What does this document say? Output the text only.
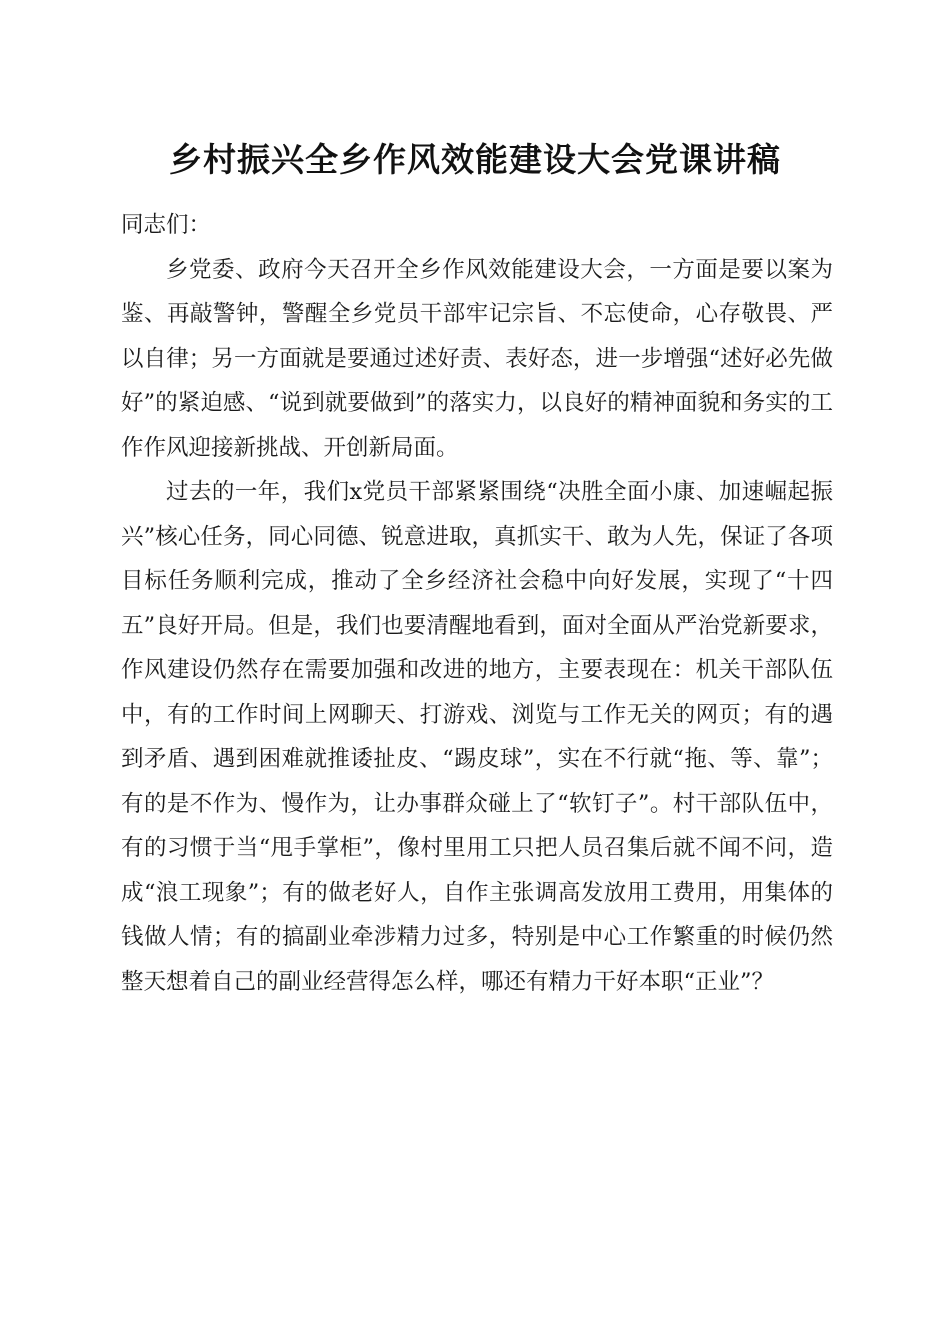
乡村振兴全乡作风效能建设大会党课讲稿

同志们：

乡党委、政府今天召开全乡作风效能建设大会，一方面是要以案为鉴、再敲警钟，警醒全乡党员干部牢记宗旨、不忘使命，心存敬畏、严以自律；另一方面就是要通过述好责、表好态，进一步增强“述好必先做好”的紧迫感、“说到就要做到”的落实力，以良好的精神面貌和务实的工作作风迎接新挑战、开创新局面。

过去的一年，我们x党员干部紧紧围绕“决胜全面小康、加速崛起振兴”核心任务，同心同德、锐意进取，真抓实干、敢为人先，保证了各项目标任务顺利完成，推动了全乡经济社会稳中向好发展，实现了“十四五”良好开局。但是，我们也要清醒地看到，面对全面从严治党新要求，作风建设仍然存在需要加强和改进的地方，主要表现在：机关干部队伍中，有的工作时间上网聊天、打游戏、浏览与工作无关的网页；有的遇到矛盾、遇到困难就推诿扯皮、“踢皮球”，实在不行就“拖、等、靠”；有的是不作为、慢作为，让办事群众碰上了“软钉子”。村干部队伍中，有的习惯于当“甩手掌柜”，像村里用工只把人员召集后就不闻不问，造成“浪工现象”；有的做老好人，自作主张调高发放用工费用，用集体的钱做人情；有的搞副业牵涉精力过多，特别是中心工作繁重的时候仍然整天想着自己的副业经营得怎么样，哪还有精力干好本职“正业”？
